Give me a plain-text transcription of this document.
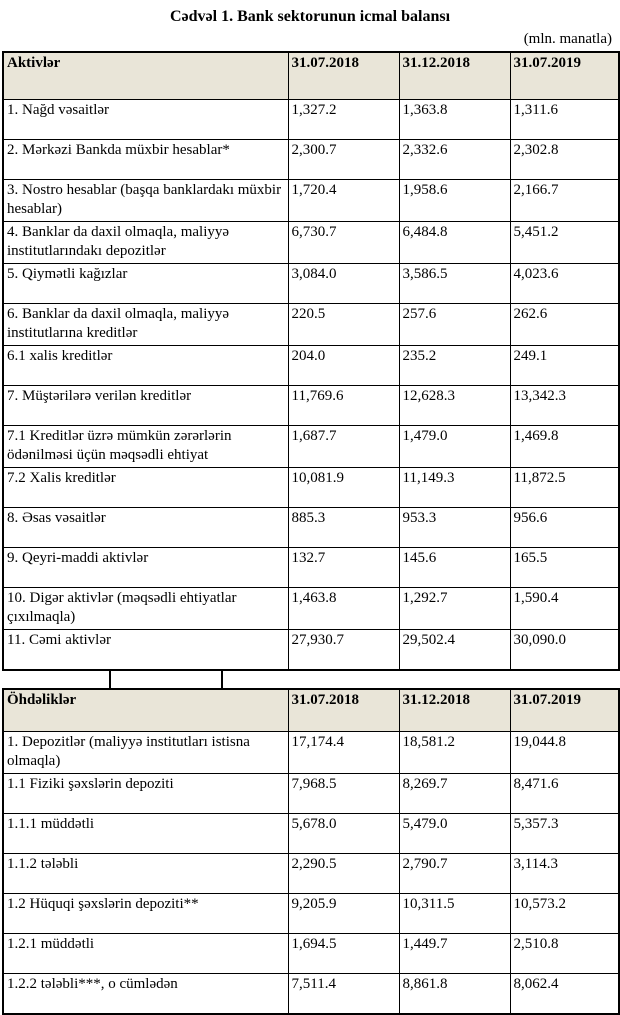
Cədvəl 1. Bank sektorunun icmal balansı
(mln. manatla)
Aktivlər	31.07.2018	31.12.2018	31.07.2019
1. Nağd vəsaitlər	1,327.2	1,363.8	1,311.6
2. Mərkəzi Bankda müxbir hesablar*	2,300.7	2,332.6	2,302.8
3. Nostro hesablar (başqa banklardakı müxbir hesablar)	1,720.4	1,958.6	2,166.7
4. Banklar da daxil olmaqla, maliyyə institutlarındakı depozitlər	6,730.7	6,484.8	5,451.2
5. Qiymətli kağızlar	3,084.0	3,586.5	4,023.6
6. Banklar da daxil olmaqla, maliyyə institutlarına kreditlər	220.5	257.6	262.6
6.1 xalis kreditlər	204.0	235.2	249.1
7. Müştərilərə verilən kreditlər	11,769.6	12,628.3	13,342.3
7.1 Kreditlər üzrə mümkün zərərlərin ödənilməsi üçün məqsədli ehtiyat	1,687.7	1,479.0	1,469.8
7.2 Xalis kreditlər	10,081.9	11,149.3	11,872.5
8. Əsas vəsaitlər	885.3	953.3	956.6
9. Qeyri-maddi aktivlər	132.7	145.6	165.5
10. Digər aktivlər (məqsədli ehtiyatlar çıxılmaqla)	1,463.8	1,292.7	1,590.4
11. Cəmi aktivlər	27,930.7	29,502.4	30,090.0
Öhdəliklər	31.07.2018	31.12.2018	31.07.2019
1. Depozitlər (maliyyə institutları istisna olmaqla)	17,174.4	18,581.2	19,044.8
1.1 Fiziki şəxslərin depoziti	7,968.5	8,269.7	8,471.6
1.1.1 müddətli	5,678.0	5,479.0	5,357.3
1.1.2 tələbli	2,290.5	2,790.7	3,114.3
1.2 Hüquqi şəxslərin depoziti**	9,205.9	10,311.5	10,573.2
1.2.1 müddətli	1,694.5	1,449.7	2,510.8
1.2.2 tələbli***, o cümlədən	7,511.4	8,861.8	8,062.4
